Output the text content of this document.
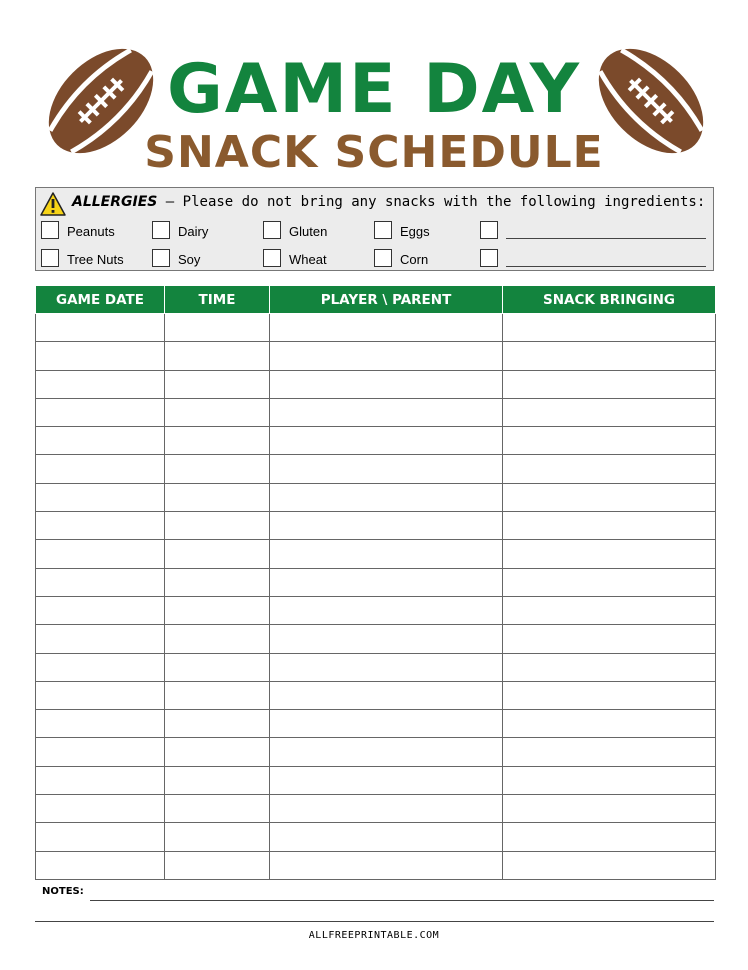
GAME DAY
SNACK SCHEDULE
ALLERGIES – Please do not bring any snacks with the following ingredients:
Peanuts	Dairy	Gluten	Eggs
Tree Nuts	Soy	Wheat	Corn
GAME DATE	TIME	PLAYER \ PARENT	SNACK BRINGING

NOTES:
ALLFREEPRINTABLE.COM
